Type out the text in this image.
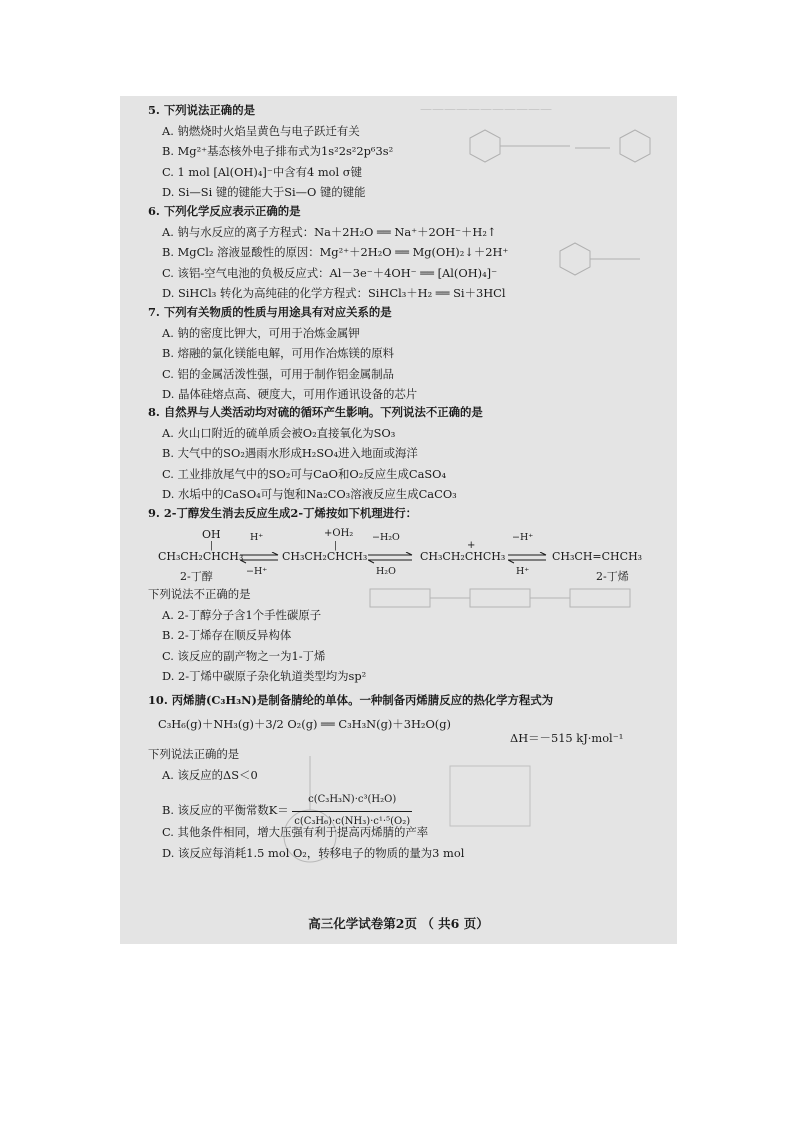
———————————
5. 下列说法正确的是
A. 钠燃烧时火焰呈黄色与电子跃迁有关
B. Mg²⁺基态核外电子排布式为1s²2s²2p⁶3s²
C. 1 mol [Al(OH)₄]⁻中含有4 mol σ键
D. Si—Si 键的键能大于Si—O 键的键能
6. 下列化学反应表示正确的是
A. 钠与水反应的离子方程式：Na＋2H₂O ══ Na⁺＋2OH⁻＋H₂↑
B. MgCl₂ 溶液显酸性的原因：Mg²⁺＋2H₂O ══ Mg(OH)₂↓＋2H⁺
C. 该铝-空气电池的负极反应式：Al－3e⁻＋4OH⁻ ══ [Al(OH)₄]⁻
D. SiHCl₃ 转化为高纯硅的化学方程式：SiHCl₃＋H₂ ══ Si＋3HCl
7. 下列有关物质的性质与用途具有对应关系的是
A. 钠的密度比钾大，可用于冶炼金属钾
B. 熔融的氯化镁能电解，可用作冶炼镁的原料
C. 铝的金属活泼性强，可用于制作铝金属制品
D. 晶体硅熔点高、硬度大，可用作通讯设备的芯片
8. 自然界与人类活动均对硫的循环产生影响。下列说法不正确的是
A. 火山口附近的硫单质会被O₂直接氧化为SO₃
B. 大气中的SO₂遇雨水形成H₂SO₄进入地面或海洋
C. 工业排放尾气中的SO₂可与CaO和O₂反应生成CaSO₄
D. 水垢中的CaSO₄可与饱和Na₂CO₃溶液反应生成CaCO₃
9. 2-丁醇发生消去反应生成2-丁烯按如下机理进行：
OH
|
CH₃CH₂CHCH₃
2-丁醇
H⁺
−H⁺
+OH₂
|
CH₃CH₂CHCH₃
−H₂O
H₂O
+
CH₃CH₂CHCH₃
−H⁺
H⁺
⇌ CH₃CH=CHCH₃
2-丁烯
下列说法不正确的是
A. 2-丁醇分子含1个手性碳原子
B. 2-丁烯存在顺反异构体
C. 该反应的副产物之一为1-丁烯
D. 2-丁烯中碳原子杂化轨道类型均为sp²
10. 丙烯腈(C₃H₃N)是制备腈纶的单体。一种制备丙烯腈反应的热化学方程式为
C₃H₆(g)＋NH₃(g)＋3/2 O₂(g) ══ C₃H₃N(g)＋3H₂O(g)
ΔH＝－515 kJ·mol⁻¹
下列说法正确的是
A. 该反应的ΔS＜0
B. 该反应的平衡常数$K= \frac{\text{c(C₃H₃N)·c³(H₂O)}}{\text{c(C₃H₆)·c(NH₃)·c¹·⁵(O₂)}}$
C. 其他条件相同，增大压强有利于提高丙烯腈的产率
D. 该反应每消耗1.5 mol O₂，转移电子的物质的量为3 mol
高三化学试卷第2页 （ 共6 页）
